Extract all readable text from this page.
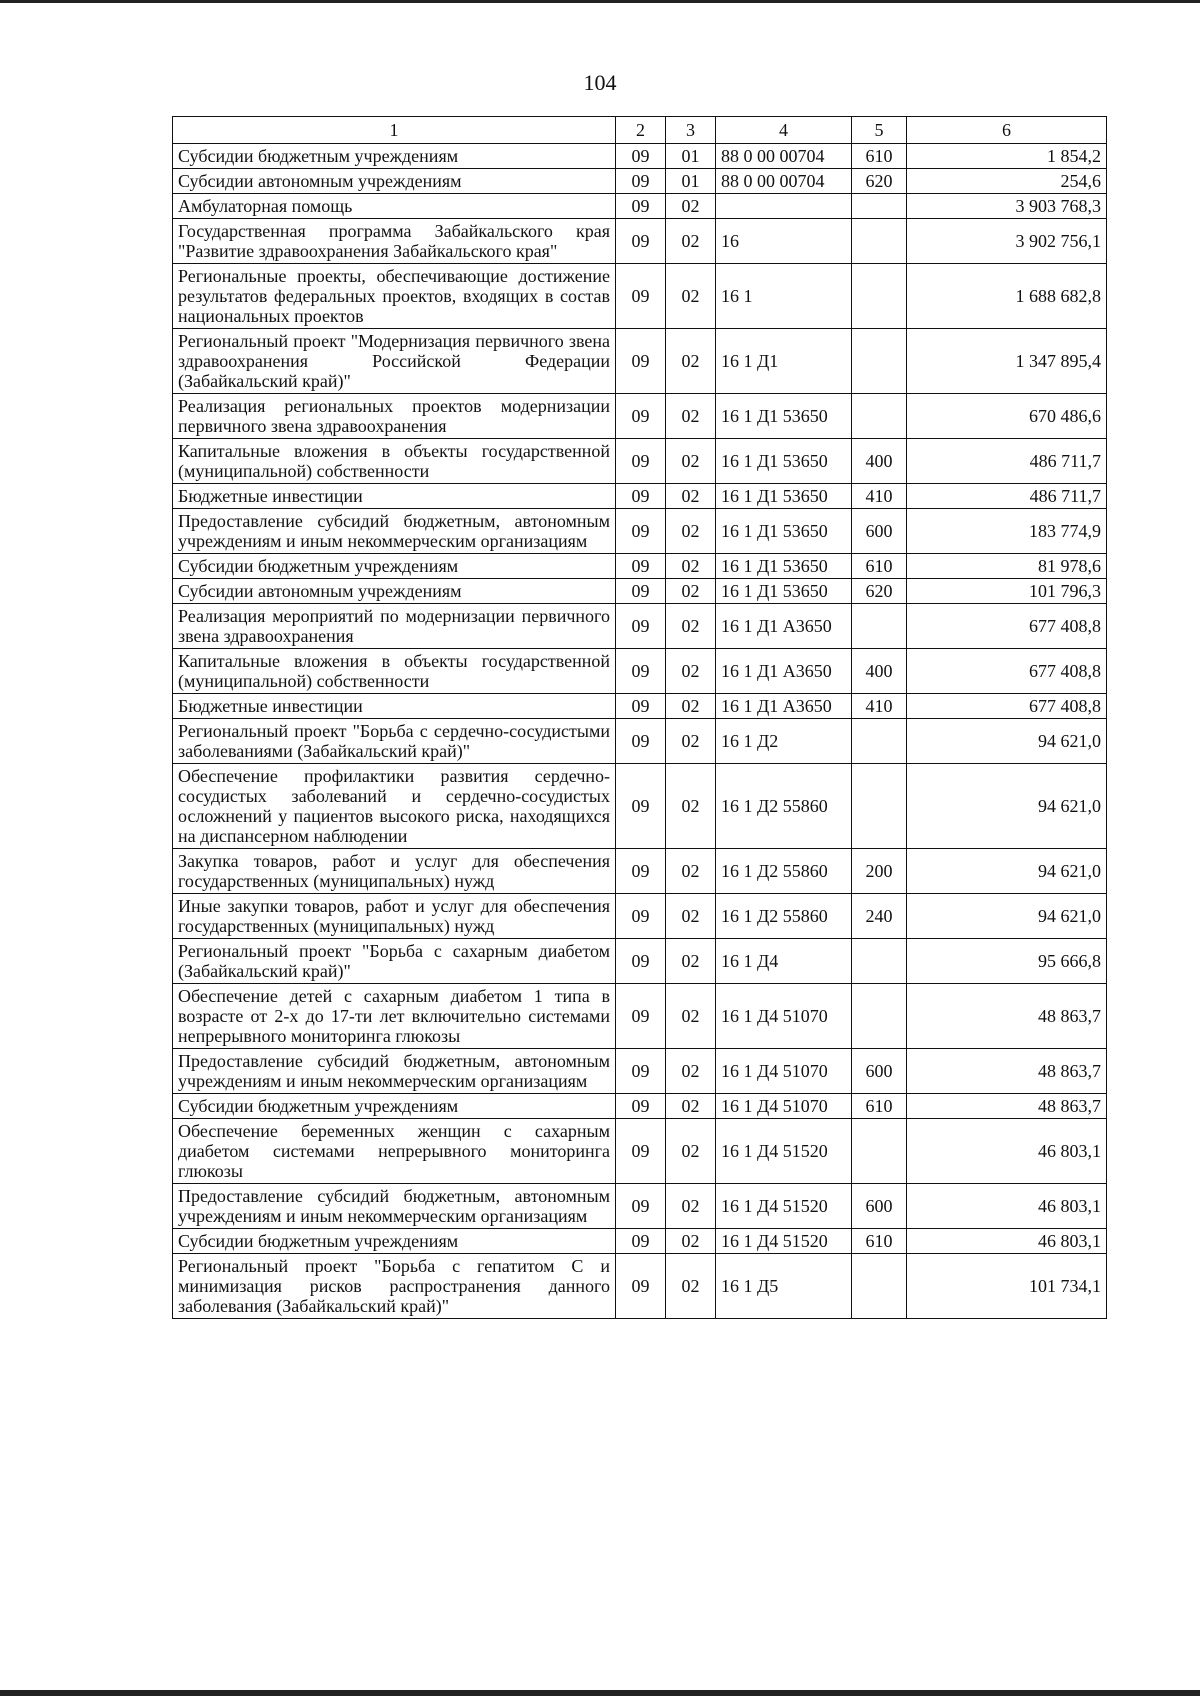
104
1	2	3	4	5	6
Субсидии бюджетным учреждениям	09	01	88 0 00 00704	610	1 854,2
Субсидии автономным учреждениям	09	01	88 0 00 00704	620	254,6
Амбулаторная помощь	09	02			3 903 768,3
Государственная программа Забайкальского края "Развитие здравоохранения Забайкальского края"	09	02	16		3 902 756,1
Региональные проекты, обеспечивающие достижение результатов федеральных проектов, входящих в состав национальных проектов	09	02	16 1		1 688 682,8
Региональный проект "Модернизация первичного звена здравоохранения Российской Федерации (Забайкальский край)"	09	02	16 1 Д1		1 347 895,4
Реализация региональных проектов модернизации первичного звена здравоохранения	09	02	16 1 Д1 53650		670 486,6
Капитальные вложения в объекты государственной (муниципальной) собственности	09	02	16 1 Д1 53650	400	486 711,7
Бюджетные инвестиции	09	02	16 1 Д1 53650	410	486 711,7
Предоставление субсидий бюджетным, автономным учреждениям и иным некоммерческим организациям	09	02	16 1 Д1 53650	600	183 774,9
Субсидии бюджетным учреждениям	09	02	16 1 Д1 53650	610	81 978,6
Субсидии автономным учреждениям	09	02	16 1 Д1 53650	620	101 796,3
Реализация мероприятий по модернизации первичного звена здравоохранения	09	02	16 1 Д1 А3650		677 408,8
Капитальные вложения в объекты государственной (муниципальной) собственности	09	02	16 1 Д1 А3650	400	677 408,8
Бюджетные инвестиции	09	02	16 1 Д1 А3650	410	677 408,8
Региональный проект "Борьба с сердечно-сосудистыми заболеваниями (Забайкальский край)"	09	02	16 1 Д2		94 621,0
Обеспечение профилактики развития сердечно-сосудистых заболеваний и сердечно-сосудистых осложнений у пациентов высокого риска, находящихся на диспансерном наблюдении	09	02	16 1 Д2 55860		94 621,0
Закупка товаров, работ и услуг для обеспечения государственных (муниципальных) нужд	09	02	16 1 Д2 55860	200	94 621,0
Иные закупки товаров, работ и услуг для обеспечения государственных (муниципальных) нужд	09	02	16 1 Д2 55860	240	94 621,0
Региональный проект "Борьба с сахарным диабетом (Забайкальский край)"	09	02	16 1 Д4		95 666,8
Обеспечение детей с сахарным диабетом 1 типа в возрасте от 2-х до 17-ти лет включительно системами непрерывного мониторинга глюкозы	09	02	16 1 Д4 51070		48 863,7
Предоставление субсидий бюджетным, автономным учреждениям и иным некоммерческим организациям	09	02	16 1 Д4 51070	600	48 863,7
Субсидии бюджетным учреждениям	09	02	16 1 Д4 51070	610	48 863,7
Обеспечение беременных женщин с сахарным диабетом системами непрерывного мониторинга глюкозы	09	02	16 1 Д4 51520		46 803,1
Предоставление субсидий бюджетным, автономным учреждениям и иным некоммерческим организациям	09	02	16 1 Д4 51520	600	46 803,1
Субсидии бюджетным учреждениям	09	02	16 1 Д4 51520	610	46 803,1
Региональный проект "Борьба с гепатитом С и минимизация рисков распространения данного заболевания (Забайкальский край)"	09	02	16 1 Д5		101 734,1
